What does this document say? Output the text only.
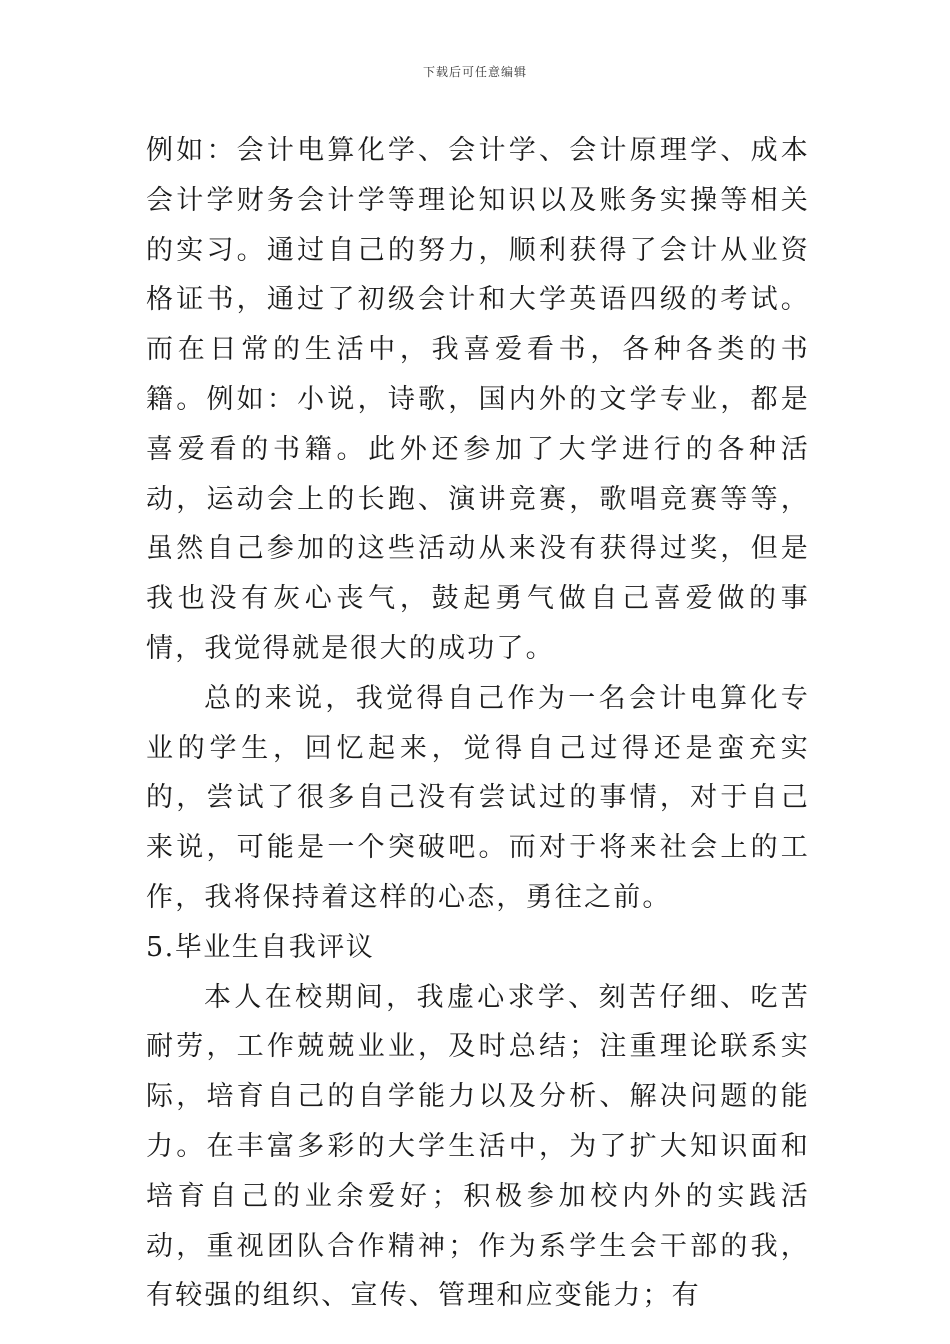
下载后可任意编辑

例如：会计电算化学、会计学、会计原理学、成本会计学财务会计学等理论知识以及账务实操等相关的实习。通过自己的努力，顺利获得了会计从业资格证书，通过了初级会计和大学英语四级的考试。而在日常的生活中，我喜爱看书，各种各类的书籍。例如：小说，诗歌，国内外的文学专业，都是喜爱看的书籍。此外还参加了大学进行的各种活动，运动会上的长跑、演讲竞赛，歌唱竞赛等等，虽然自己参加的这些活动从来没有获得过奖，但是我也没有灰心丧气，鼓起勇气做自己喜爱做的事情，我觉得就是很大的成功了。

总的来说，我觉得自己作为一名会计电算化专业的学生，回忆起来，觉得自己过得还是蛮充实的，尝试了很多自己没有尝试过的事情，对于自己来说，可能是一个突破吧。而对于将来社会上的工作，我将保持着这样的心态，勇往之前。

5.毕业生自我评议

本人在校期间，我虚心求学、刻苦仔细、吃苦耐劳，工作兢兢业业，及时总结；注重理论联系实际，培育自己的自学能力以及分析、解决问题的能力。在丰富多彩的大学生活中，为了扩大知识面和培育自己的业余爱好；积极参加校内外的实践活动，重视团队合作精神；作为系学生会干部的我，有较强的组织、宣传、管理和应变能力；有
